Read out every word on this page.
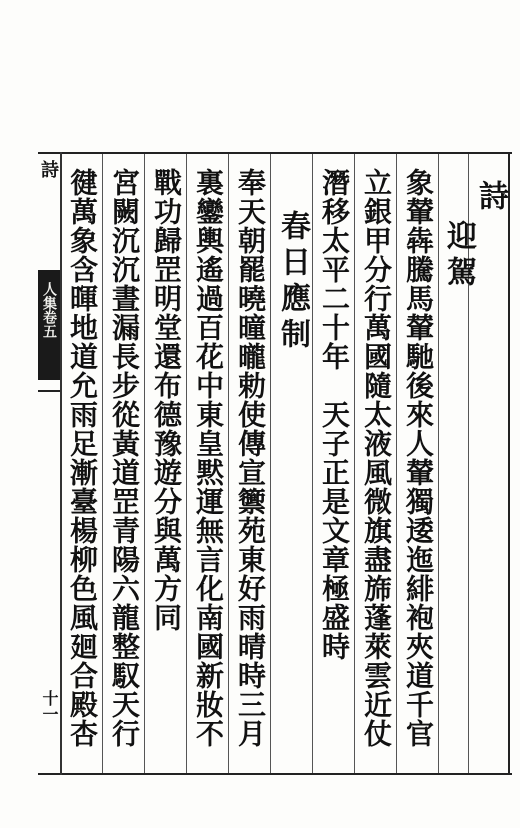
詩
人集卷五
十一
詩
迎駕
象輦犇騰馬輦馳後來人輦獨逶迤緋袍夾道千官
立銀甲分行萬國隨太液風微旗盡旆蓬萊雲近仗
潛移太平二十年　天子正是文章極盛時
春日應制
奉天朝罷曉曈曨勅使傳宣籞苑東好雨晴時三月
裏鑾輿遙過百花中東皇黙運無言化南國新妝不
戰功歸罡明堂還布德豫遊分與萬方同
宮闕沉沉晝漏長步從黃道罡青陽六龍整馭天行
徤萬象含暉地道允雨足漸臺楊柳色風廻合殿杏
